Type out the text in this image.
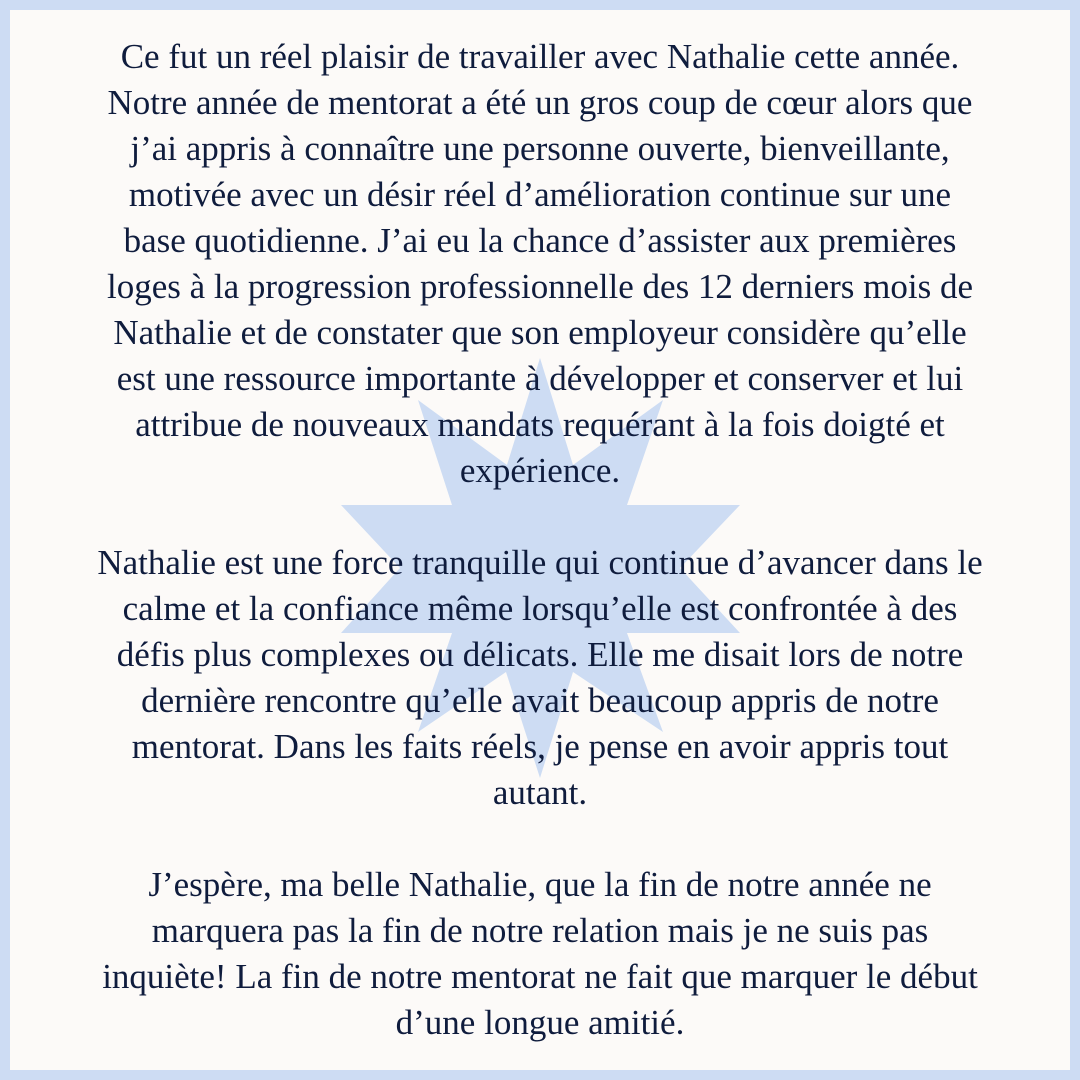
Ce fut un réel plaisir de travailler avec Nathalie cette année.
Notre année de mentorat a été un gros coup de cœur alors que
j’ai appris à connaître une personne ouverte, bienveillante,
motivée avec un désir réel d’amélioration continue sur une
base quotidienne. J’ai eu la chance d’assister aux premières
loges à la progression professionnelle des 12 derniers mois de
Nathalie et de constater que son employeur considère qu’elle
est une ressource importante à développer et conserver et lui
attribue de nouveaux mandats requérant à la fois doigté et
expérience.
Nathalie est une force tranquille qui continue d’avancer dans le
calme et la confiance même lorsqu’elle est confrontée à des
défis plus complexes ou délicats. Elle me disait lors de notre
dernière rencontre qu’elle avait beaucoup appris de notre
mentorat. Dans les faits réels, je pense en avoir appris tout
autant.
J’espère, ma belle Nathalie, que la fin de notre année ne
marquera pas la fin de notre relation mais je ne suis pas
inquiète! La fin de notre mentorat ne fait que marquer le début
d’une longue amitié.
